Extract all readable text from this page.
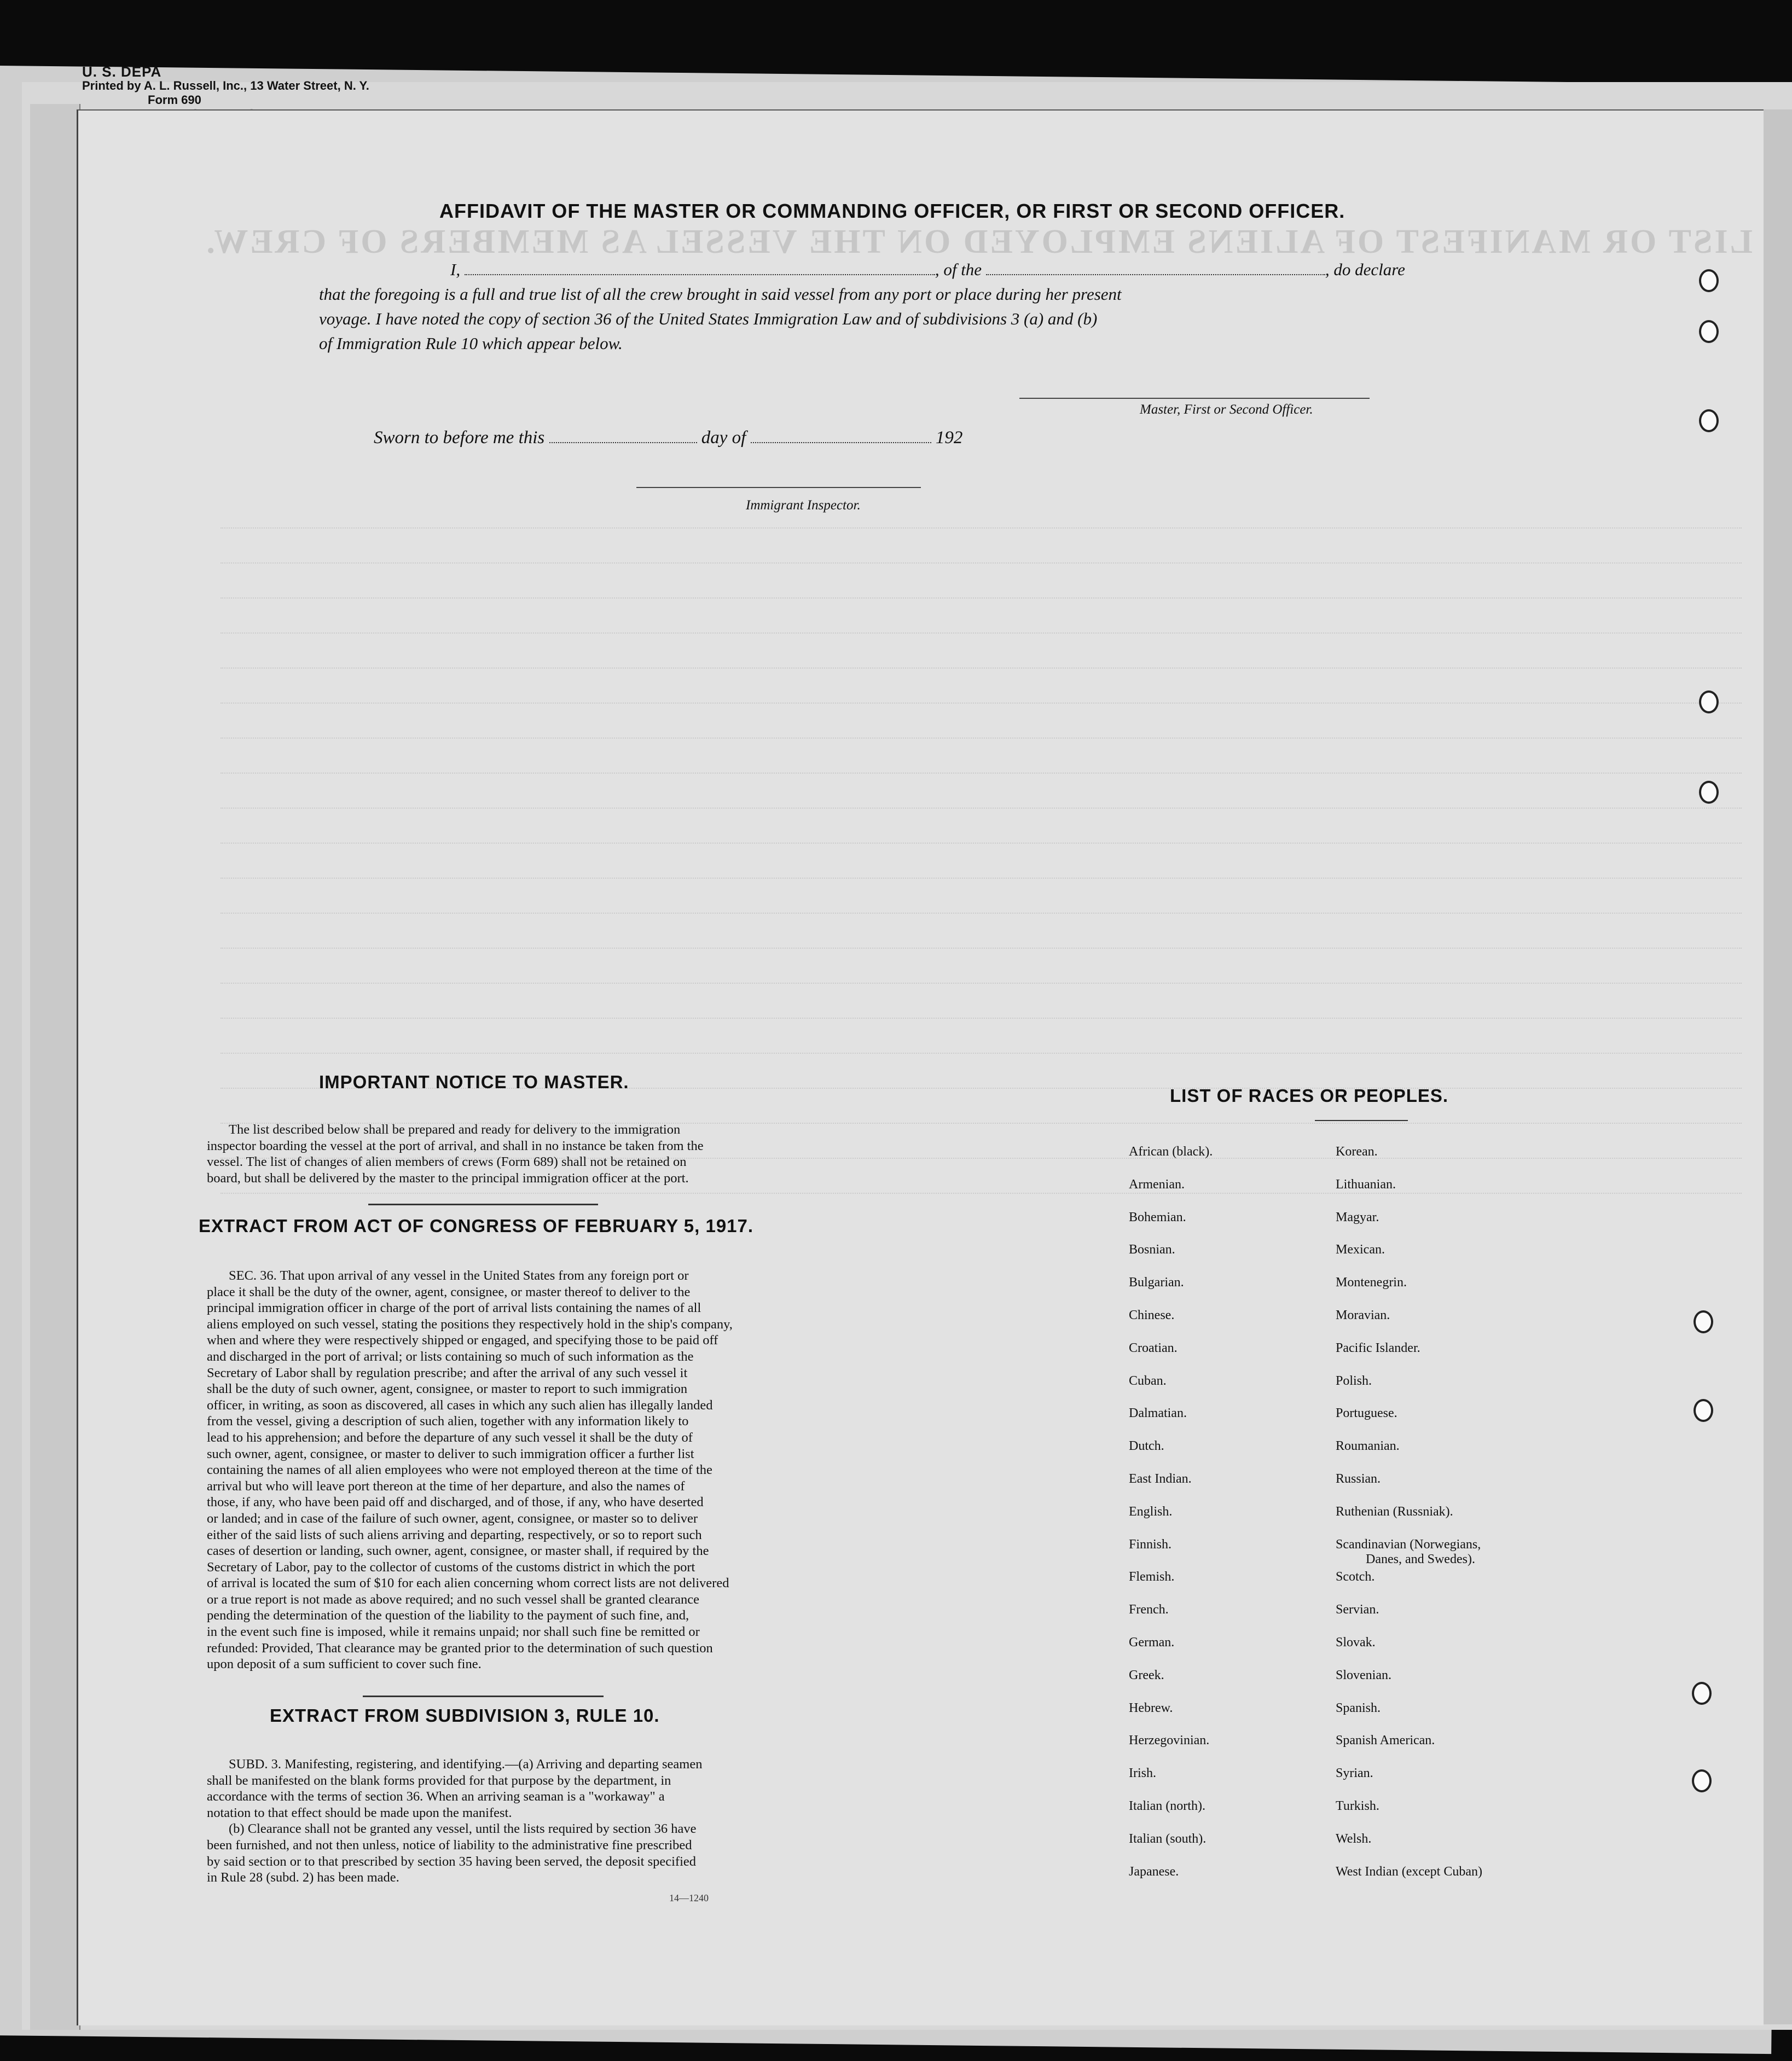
U. S. DEPA
Printed by A. L. Russell, Inc., 13 Water Street, N. Y.
Form 690
LIST OR MANIFEST OF ALIENS EMPLOYED ON THE VESSEL AS MEMBERS OF CREW.
AFFIDAVIT OF THE MASTER OR COMMANDING OFFICER, OR FIRST OR SECOND OFFICER.
I,	, of the	, do declare
that the foregoing is a full and true list of all the crew brought in said vessel from any port or place during her present
voyage. I have noted the copy of section 36 of the United States Immigration Law and of subdivisions 3 (a) and (b)
of Immigration Rule 10 which appear below.
Master, First or Second Officer.
Sworn to before me this	day of	192
Immigrant Inspector.
IMPORTANT NOTICE TO MASTER.
The list described below shall be prepared and ready for delivery to the immigration
inspector boarding the vessel at the port of arrival, and shall in no instance be taken from the
vessel. The list of changes of alien members of crews (Form 689) shall not be retained on
board, but shall be delivered by the master to the principal immigration officer at the port.
EXTRACT FROM ACT OF CONGRESS OF FEBRUARY 5, 1917.
SEC. 36. That upon arrival of any vessel in the United States from any foreign port or
place it shall be the duty of the owner, agent, consignee, or master thereof to deliver to the
principal immigration officer in charge of the port of arrival lists containing the names of all
aliens employed on such vessel, stating the positions they respectively hold in the ship's company,
when and where they were respectively shipped or engaged, and specifying those to be paid off
and discharged in the port of arrival; or lists containing so much of such information as the
Secretary of Labor shall by regulation prescribe; and after the arrival of any such vessel it
shall be the duty of such owner, agent, consignee, or master to report to such immigration
officer, in writing, as soon as discovered, all cases in which any such alien has illegally landed
from the vessel, giving a description of such alien, together with any information likely to
lead to his apprehension; and before the departure of any such vessel it shall be the duty of
such owner, agent, consignee, or master to deliver to such immigration officer a further list
containing the names of all alien employees who were not employed thereon at the time of the
arrival but who will leave port thereon at the time of her departure, and also the names of
those, if any, who have been paid off and discharged, and of those, if any, who have deserted
or landed; and in case of the failure of such owner, agent, consignee, or master so to deliver
either of the said lists of such aliens arriving and departing, respectively, or so to report such
cases of desertion or landing, such owner, agent, consignee, or master shall, if required by the
Secretary of Labor, pay to the collector of customs of the customs district in which the port
of arrival is located the sum of $10 for each alien concerning whom correct lists are not delivered
or a true report is not made as above required; and no such vessel shall be granted clearance
pending the determination of the question of the liability to the payment of such fine, and,
in the event such fine is imposed, while it remains unpaid; nor shall such fine be remitted or
refunded: Provided, That clearance may be granted prior to the determination of such question
upon deposit of a sum sufficient to cover such fine.
EXTRACT FROM SUBDIVISION 3, RULE 10.
SUBD. 3. Manifesting, registering, and identifying.—(a) Arriving and departing seamen
shall be manifested on the blank forms provided for that purpose by the department, in
accordance with the terms of section 36. When an arriving seaman is a "workaway" a
notation to that effect should be made upon the manifest.
(b) Clearance shall not be granted any vessel, until the lists required by section 36 have
been furnished, and not then unless, notice of liability to the administrative fine prescribed
by said section or to that prescribed by section 35 having been served, the deposit specified
in Rule 28 (subd. 2) has been made.
14—1240
LIST OF RACES OR PEOPLES.
African (black).
Armenian.
Bohemian.
Bosnian.
Bulgarian.
Chinese.
Croatian.
Cuban.
Dalmatian.
Dutch.
East Indian.
English.
Finnish.
Flemish.
French.
German.
Greek.
Hebrew.
Herzegovinian.
Irish.
Italian (north).
Italian (south).
Japanese.
Korean.
Lithuanian.
Magyar.
Mexican.
Montenegrin.
Moravian.
Pacific Islander.
Polish.
Portuguese.
Roumanian.
Russian.
Ruthenian (Russniak).
Scandinavian (Norwegians,
Danes, and Swedes).
Scotch.
Servian.
Slovak.
Slovenian.
Spanish.
Spanish American.
Syrian.
Turkish.
Welsh.
West Indian (except Cuban)
